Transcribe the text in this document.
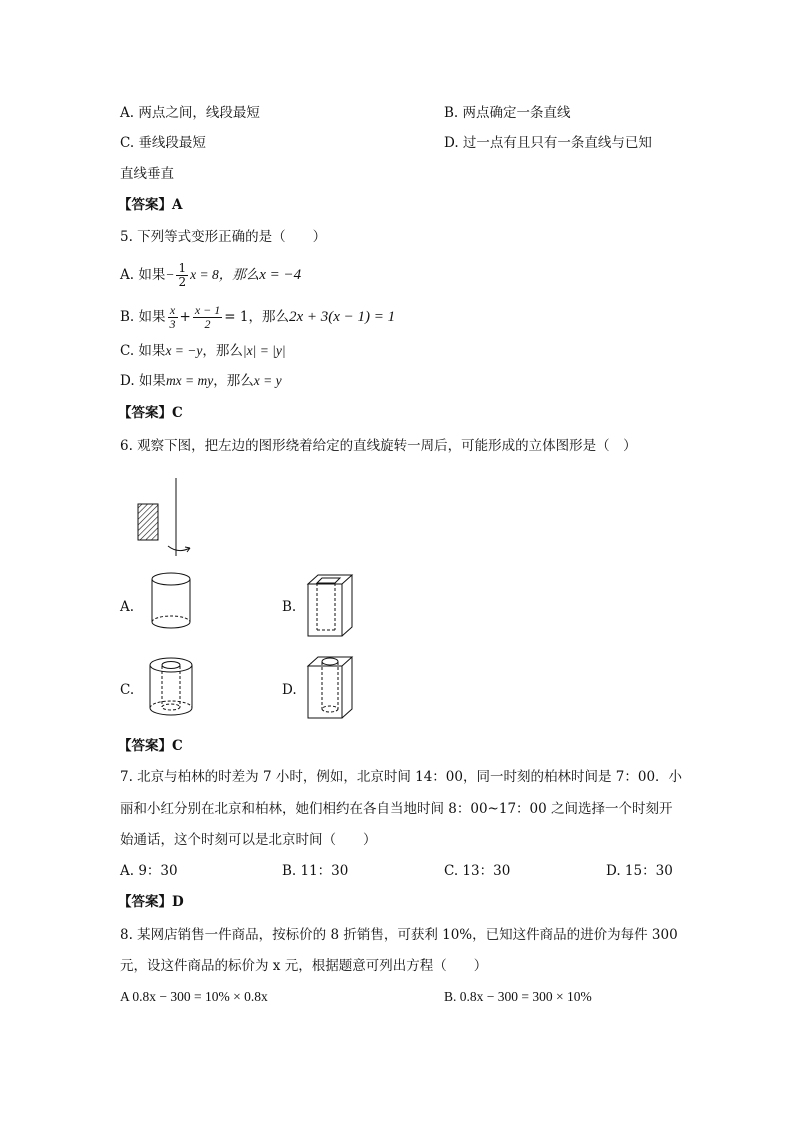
A. 两点之间，线段最短	B. 两点确定一条直线
C. 垂线段最短	D. 过一点有且只有一条直线与已知
直线垂直
【答案】A
5. 下列等式变形正确的是（　　）
A. 如果− $\frac{1}{2}$ x = 8，那么x = −4
B. 如果 $\frac{x}{3} + \frac{x - 1}{2} = 1$，那么2x + 3(x − 1) = 1
C. 如果x = −y，那么|x| = |y|
D. 如果mx = my，那么x = y
【答案】C
6. 观察下图，把左边的图形绕着给定的直线旋转一周后，可能形成的立体图形是（　）
A.	B.
C.	D.
【答案】C
7. 北京与柏林的时差为 7 小时，例如，北京时间 14：00，同一时刻的柏林时间是 7：00．小
丽和小红分别在北京和柏林，她们相约在各自当地时间 8：00~17：00 之间选择一个时刻开
始通话，这个时刻可以是北京时间（　　）
A. 9：30	B. 11：30	C. 13：30	D. 15：30
【答案】D
8. 某网店销售一件商品，按标价的 8 折销售，可获利 10%，已知这件商品的进价为每件 300
元，设这件商品的标价为 x 元，根据题意可列出方程（　　）
A 0.8x − 300 = 10% × 0.8x	B. 0.8x − 300 = 300 × 10%
